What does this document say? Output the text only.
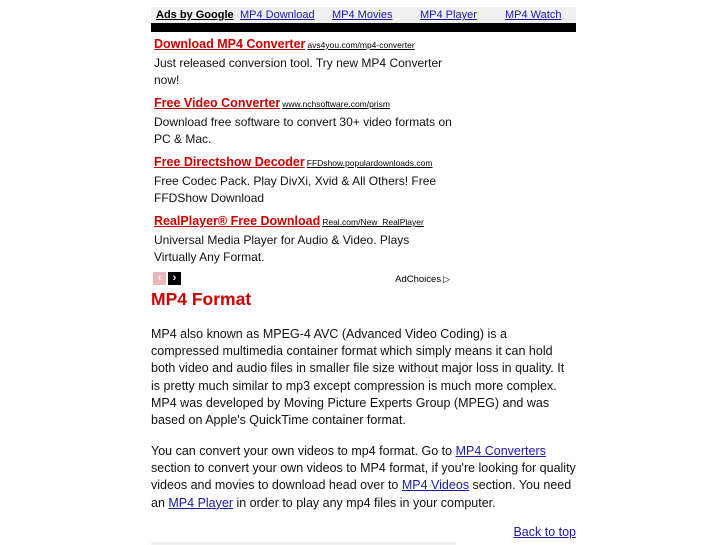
Ads by Google MP4 Download MP4 Movies MP4 Player	MP4 Watch
Download MP4 Converter avs4you.com/mp4-converter
Just released conversion tool. Try new MP4 Converter now!
Free Video Converter www.nchsoftware.com/prism
Download free software to convert 30+ video formats on PC & Mac.
Free Directshow Decoder FFDshow.populardownloads.com
Free Codec Pack. Play DivXi, Xvid & All Others! Free FFDShow Download
RealPlayer® Free Download Real.com/New_RealPlayer
Universal Media Player for Audio & Video. Plays Virtually Any Format.
‹ ›	AdChoices ▷
MP4 Format

MP4 also known as MPEG-4 AVC (Advanced Video Coding) is a compressed multimedia container format which simply means it can hold both video and audio files in smaller file size without major loss in quality. It is pretty much similar to mp3 except compression is much more complex. MP4 was developed by Moving Picture Experts Group (MPEG) and was based on Apple's QuickTime container format.

You can convert your own videos to mp4 format. Go to MP4 Converters section to convert your own videos to MP4 format, if you're looking for quality videos and movies to download head over to MP4 Videos section. You need an MP4 Player in order to play any mp4 files in your computer.

Back to top
